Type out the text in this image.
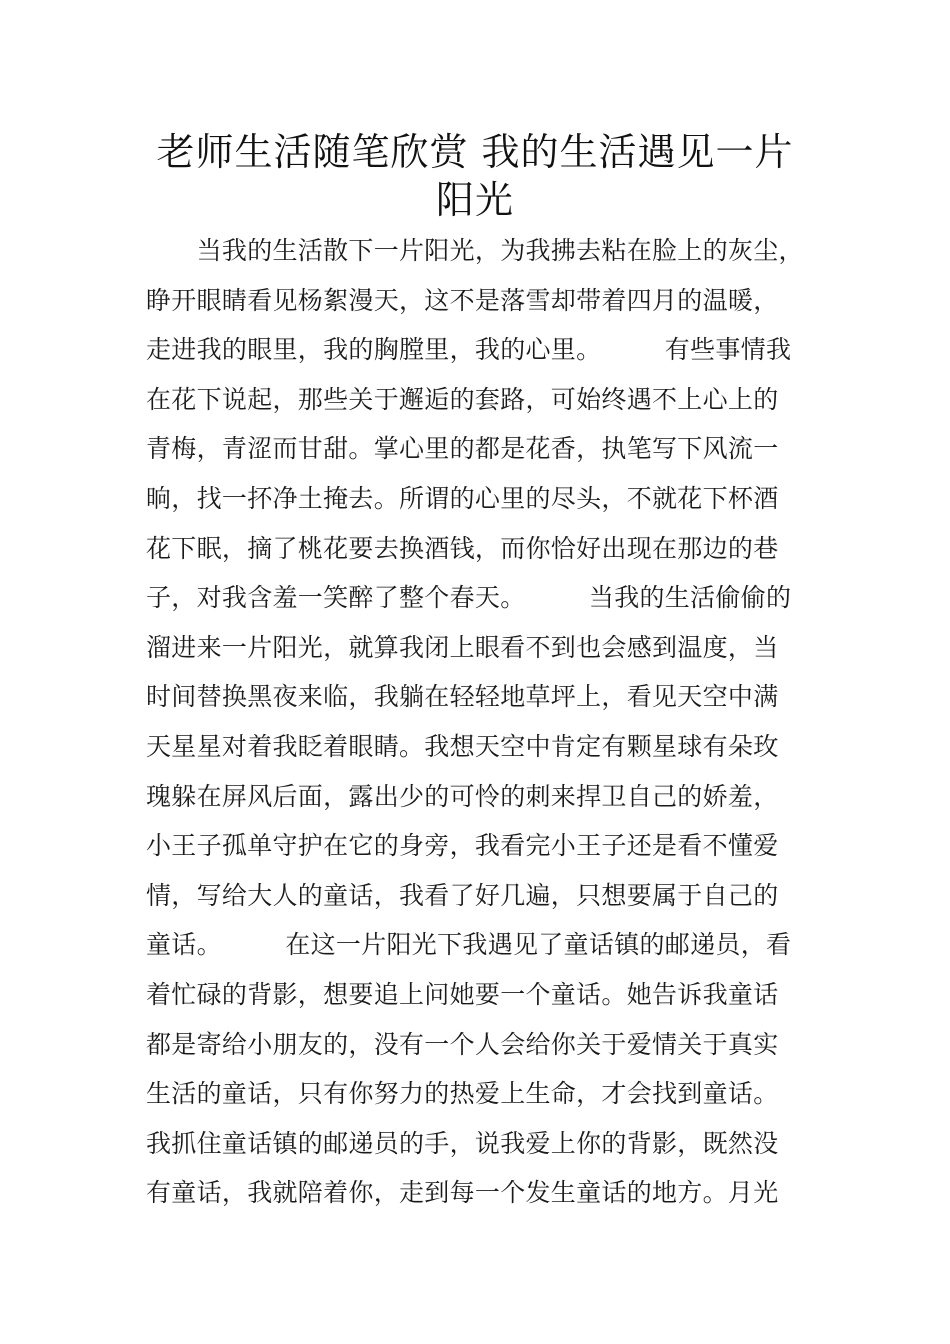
老师生活随笔欣赏 我的生活遇见一片
阳光
　　当我的生活散下一片阳光，为我拂去粘在脸上的灰尘，
睁开眼睛看见杨絮漫天，这不是落雪却带着四月的温暖，
走进我的眼里，我的胸膛里，我的心里。　　　有些事情我
在花下说起，那些关于邂逅的套路，可始终遇不上心上的
青梅，青涩而甘甜。掌心里的都是花香，执笔写下风流一
晌，找一抔净土掩去。所谓的心里的尽头，不就花下杯酒
花下眠，摘了桃花要去换酒钱，而你恰好出现在那边的巷
子，对我含羞一笑醉了整个春天。　　　当我的生活偷偷的
溜进来一片阳光，就算我闭上眼看不到也会感到温度，当
时间替换黑夜来临，我躺在轻轻地草坪上，看见天空中满
天星星对着我眨着眼睛。我想天空中肯定有颗星球有朵玫
瑰躲在屏风后面，露出少的可怜的刺来捍卫自己的娇羞，
小王子孤单守护在它的身旁，我看完小王子还是看不懂爱
情，写给大人的童话，我看了好几遍，只想要属于自己的
童话。　　　在这一片阳光下我遇见了童话镇的邮递员，看
着忙碌的背影，想要追上问她要一个童话。她告诉我童话
都是寄给小朋友的，没有一个人会给你关于爱情关于真实
生活的童话，只有你努力的热爱上生命，才会找到童话。
我抓住童话镇的邮递员的手，说我爱上你的背影，既然没
有童话，我就陪着你，走到每一个发生童话的地方。月光
